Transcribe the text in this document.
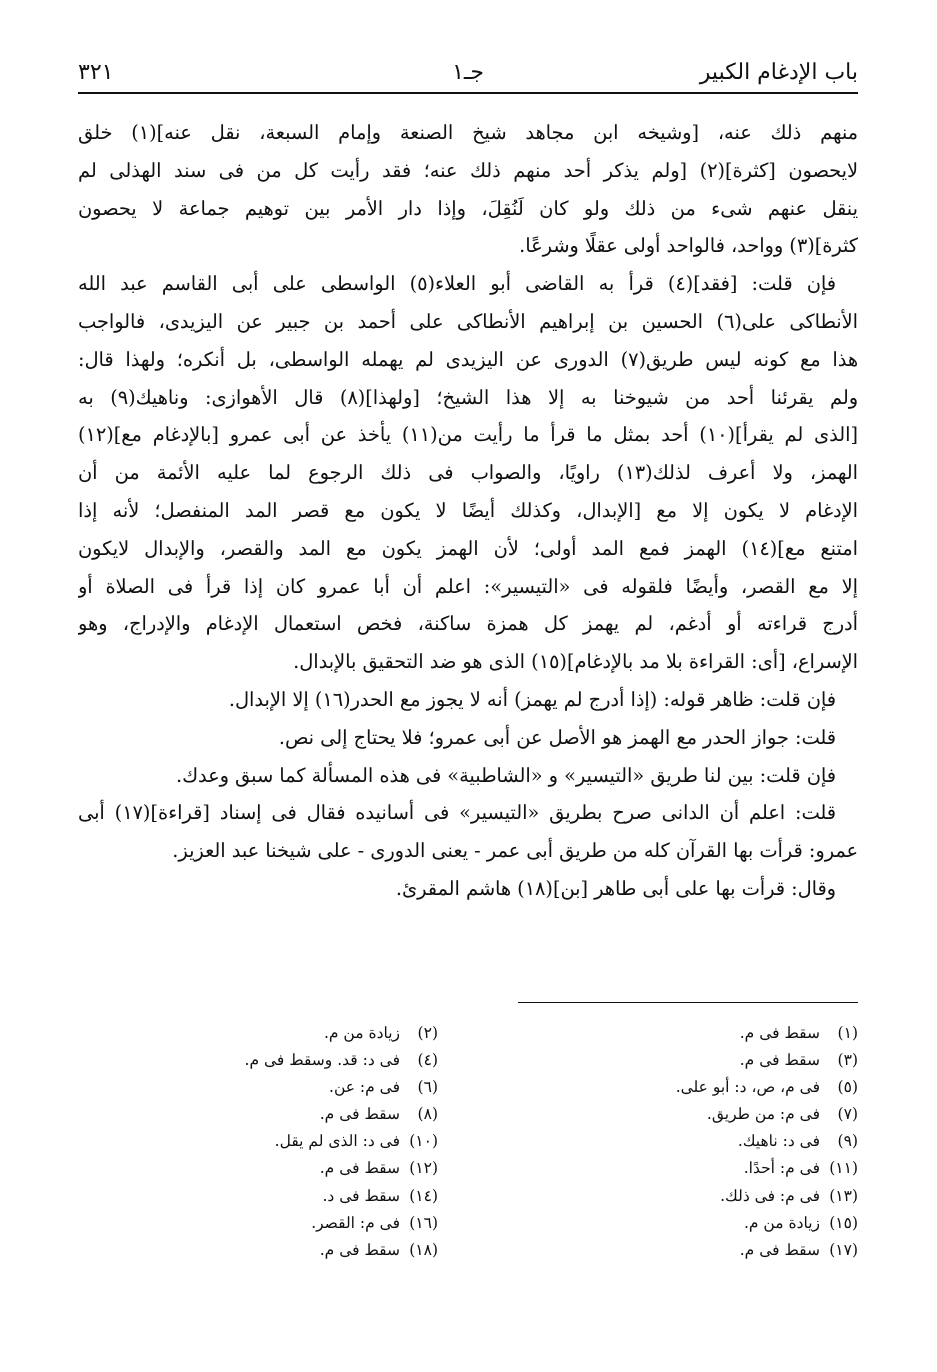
باب الإدغام الكبير
جـ١
٣٢١
منهم ذلك عنه، [وشيخه ابن مجاهد شيخ الصنعة وإمام السبعة، نقل عنه](١) خلق
لايحصون [كثرة](٢) [ولم يذكر أحد منهم ذلك عنه؛ فقد رأيت كل من فى سند الهذلى لم
ينقل عنهم شىء من ذلك ولو كان لَنُقِلَ، وإذا دار الأمر بين توهيم جماعة لا يحصون
كثرة](٣) وواحد، فالواحد أولى عقلًا وشرعًا.
فإن قلت: [فقد](٤) قرأ به القاضى أبو العلاء(٥) الواسطى على أبى القاسم عبد الله
الأنطاكى على(٦) الحسين بن إبراهيم الأنطاكى على أحمد بن جبير عن اليزيدى، فالواجب
هذا مع كونه ليس طريق(٧) الدورى عن اليزيدى لم يهمله الواسطى، بل أنكره؛ ولهذا قال:
ولم يقرئنا أحد من شيوخنا به إلا هذا الشيخ؛ [ولهذا](٨) قال الأهوازى: وناهيك(٩) به
[الذى لم يقرأ](١٠) أحد بمثل ما قرأ ما رأيت من(١١) يأخذ عن أبى عمرو [بالإدغام مع](١٢)
الهمز، ولا أعرف لذلك(١٣) راويًا، والصواب فى ذلك الرجوع لما عليه الأئمة من أن
الإدغام لا يكون إلا مع [الإبدال، وكذلك أيضًا لا يكون مع قصر المد المنفصل؛ لأنه إذا
امتنع مع](١٤) الهمز فمع المد أولى؛ لأن الهمز يكون مع المد والقصر، والإبدال لايكون
إلا مع القصر، وأيضًا فلقوله فى «التيسير»: اعلم أن أبا عمرو كان إذا قرأ فى الصلاة أو
أدرج قراءته أو أدغم، لم يهمز كل همزة ساكنة، فخص استعمال الإدغام والإدراج، وهو
الإسراع، [أى: القراءة بلا مد بالإدغام](١٥) الذى هو ضد التحقيق بالإبدال.
فإن قلت: ظاهر قوله: (إذا أدرج لم يهمز) أنه لا يجوز مع الحدر(١٦) إلا الإبدال.
قلت: جواز الحدر مع الهمز هو الأصل عن أبى عمرو؛ فلا يحتاج إلى نص.
فإن قلت: بين لنا طريق «التيسير» و «الشاطبية» فى هذه المسألة كما سبق وعدك.
قلت: اعلم أن الدانى صرح بطريق «التيسير» فى أسانيده فقال فى إسناد [قراءة](١٧) أبى
عمرو: قرأت بها القرآن كله من طريق أبى عمر - يعنى الدورى - على شيخنا عبد العزيز.
وقال: قرأت بها على أبى طاهر [بن](١٨) هاشم المقرئ.
(١)سقط فى م.
(٣)سقط فى م.
(٥)فى م، ص، د: أبو على.
(٧)فى م: من طريق.
(٩)فى د: ناهيك.
(١١)فى م: أحدًا.
(١٣)فى م: فى ذلك.
(١٥)زيادة من م.
(١٧)سقط فى م.
(٢)زيادة من م.
(٤)فى د: قد. وسقط فى م.
(٦)فى م: عن.
(٨)سقط فى م.
(١٠)فى د: الذى لم يقل.
(١٢)سقط فى م.
(١٤)سقط فى د.
(١٦)فى م: القصر.
(١٨)سقط فى م.
